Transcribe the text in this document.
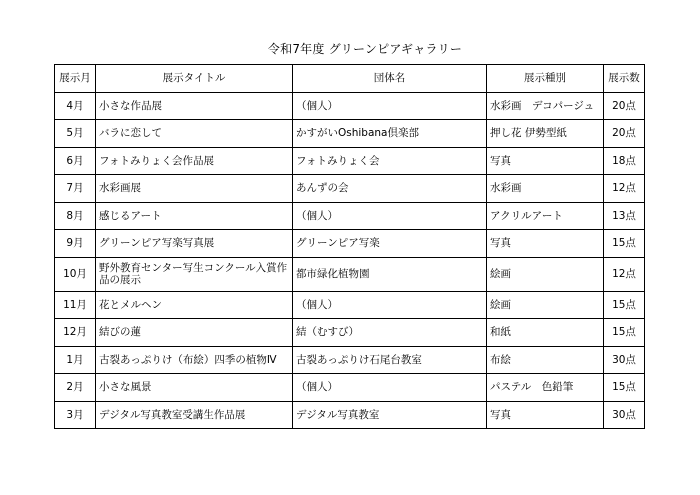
令和7年度 グリーンピアギャラリー
展示月	展示タイトル	団体名	展示種別	展示数
4月	小さな作品展	（個人）	水彩画　デコパージュ	20点
5月	バラに恋して	かすがいOshibana倶楽部	押し花 伊勢型紙	20点
6月	フォトみりょく会作品展	フォトみりょく会	写真	18点
7月	水彩画展	あんずの会	水彩画	12点
8月	感じるアート	（個人）	アクリルアート	13点
9月	グリーンピア写楽写真展	グリーンピア写楽	写真	15点
10月	野外教育センター写生コンクール入賞作品の展示	都市緑化植物園	絵画	12点
11月	花とメルヘン	（個人）	絵画	15点
12月	結びの蓮	結（むすび）	和紙	15点
1月	古裂あっぷりけ（布絵）四季の植物Ⅳ	古裂あっぷりけ石尾台教室	布絵	30点
2月	小さな風景	（個人）	パステル　色鉛筆	15点
3月	デジタル写真教室受講生作品展	デジタル写真教室	写真	30点
